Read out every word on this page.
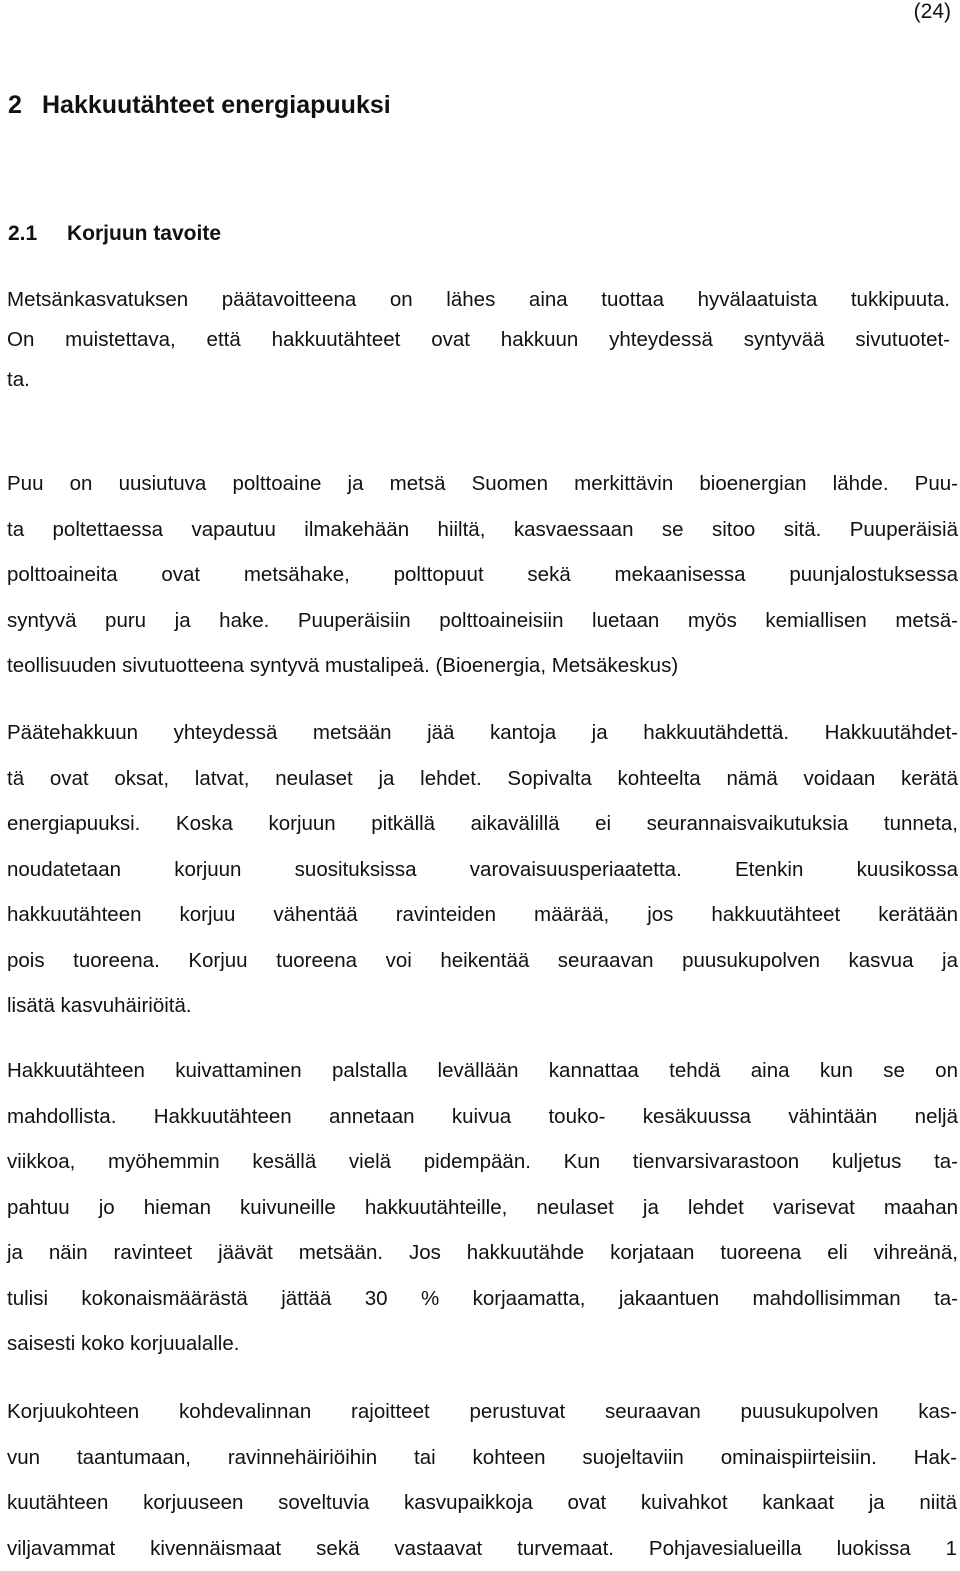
(24)
2 Hakkuutähteet energiapuuksi
2.1 Korjuun tavoite
Metsänkasvatuksen päätavoitteena on lähes aina tuottaa hyvälaatuista tukkipuuta.
On muistettava, että hakkuutähteet ovat hakkuun yhteydessä syntyvää sivutuotet-
ta.
Puu on uusiutuva polttoaine ja metsä Suomen merkittävin bioenergian lähde. Puu-
ta poltettaessa vapautuu ilmakehään hiiltä, kasvaessaan se sitoo sitä. Puuperäisiä
polttoaineita ovat metsähake, polttopuut sekä mekaanisessa puunjalostuksessa
syntyvä puru ja hake. Puuperäisiin polttoaineisiin luetaan myös kemiallisen metsä-
teollisuuden sivutuotteena syntyvä mustalipeä. (Bioenergia, Metsäkeskus)
Päätehakkuun yhteydessä metsään jää kantoja ja hakkuutähdettä. Hakkuutähdet-
tä ovat oksat, latvat, neulaset ja lehdet. Sopivalta kohteelta nämä voidaan kerätä
energiapuuksi. Koska korjuun pitkällä aikavälillä ei seurannaisvaikutuksia tunneta,
noudatetaan korjuun suosituksissa varovaisuusperiaatetta. Etenkin kuusikossa
hakkuutähteen korjuu vähentää ravinteiden määrää, jos hakkuutähteet kerätään
pois tuoreena. Korjuu tuoreena voi heikentää seuraavan puusukupolven kasvua ja
lisätä kasvuhäiriöitä.
Hakkuutähteen kuivattaminen palstalla levällään kannattaa tehdä aina kun se on
mahdollista. Hakkuutähteen annetaan kuivua touko- kesäkuussa vähintään neljä
viikkoa, myöhemmin kesällä vielä pidempään. Kun tienvarsivarastoon kuljetus ta-
pahtuu jo hieman kuivuneille hakkuutähteille, neulaset ja lehdet varisevat maahan
ja näin ravinteet jäävät metsään. Jos hakkuutähde korjataan tuoreena eli vihreänä,
tulisi kokonaismäärästä jättää 30 % korjaamatta, jakaantuen mahdollisimman ta-
saisesti koko korjuualalle.
Korjuukohteen kohdevalinnan rajoitteet perustuvat seuraavan puusukupolven kas-
vun taantumaan, ravinnehäiriöihin tai kohteen suojeltaviin ominaispiirteisiin. Hak-
kuutähteen korjuuseen soveltuvia kasvupaikkoja ovat kuivahkot kankaat ja niitä
viljavammat kivennäismaat sekä vastaavat turvemaat. Pohjavesialueilla luokissa 1
